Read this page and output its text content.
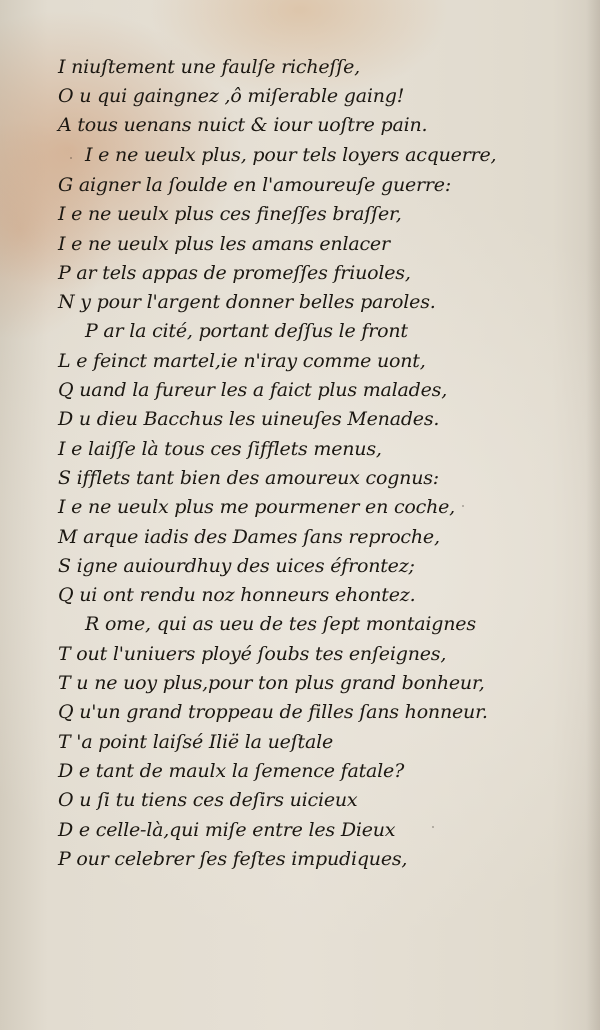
I niuſtement une faulſe richeſſe,
O u qui gaingnez ,ô miſerable gaing!
A tous uenans nuict & iour uoſtre pain.
I e ne ueulx plus, pour tels loyers acquerre,
G aigner la ſoulde en l'amoureuſe guerre:
I e ne ueulx plus ces fineſſes braſſer,
I e ne ueulx plus les amans enlacer
P ar tels appas de promeſſes friuoles,
N y pour l'argent donner belles paroles.
P ar la cité, portant deſſus le front
L e feinct martel,ie n'iray comme uont,
Q uand la fureur les a faict plus malades,
D u dieu Bacchus les uineuſes Menades.
I e laiſſe là tous ces ſifflets menus,
S ifflets tant bien des amoureux cognus:
I e ne ueulx plus me pourmener en coche,
M arque iadis des Dames ſans reproche,
S igne auiourdhuy des uices éfrontez;
Q ui ont rendu noz honneurs ehontez.
R ome, qui as ueu de tes ſept montaignes
T out l'uniuers ployé ſoubs tes enſeignes,
T u ne uoy plus,pour ton plus grand bonheur,
Q u'un grand troppeau de filles ſans honneur.
T 'a point laiſsé Ilië la ueſtale
D e tant de maulx la ſemence fatale?
O u ſi tu tiens ces deſirs uicieux
D e celle-là,qui miſe entre les Dieux
P our celebrer ſes feſtes impudiques,
